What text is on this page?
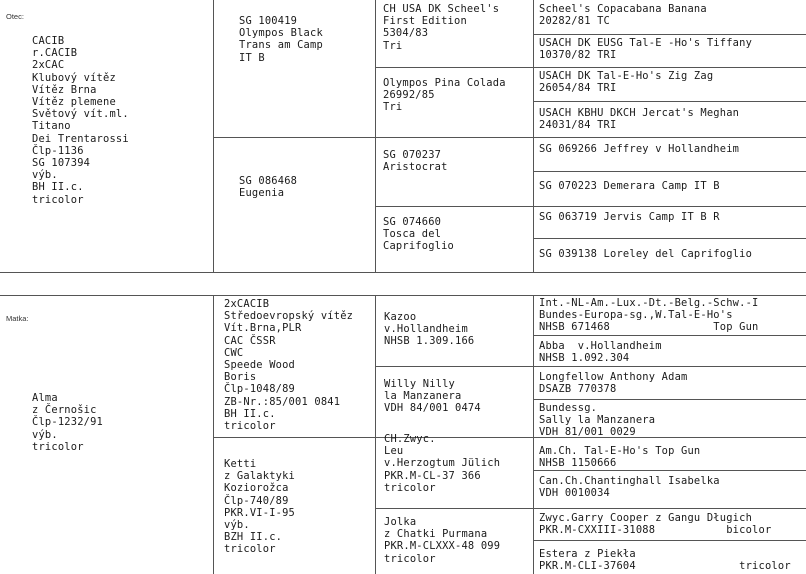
Otec:
CACIB
r.CACIB
2xCAC
Klubový vítěz
Vítěz Brna
Vítěz plemene
Světový vít.ml.
Titano
Dei Trentarossi
Člp-1136
SG 107394
výb.
BH II.c.
tricolor
SG 100419
Olympos Black
Trans am Camp
IT B
SG 086468
Eugenia
CH USA DK Scheel's
First Edition
5304/83
Tri
Olympos Pina Colada
26992/85
Tri
SG 070237
Aristocrat
SG 074660
Tosca del
Caprifoglio
Scheel's Copacabana Banana
20282/81 TC
USACH DK EUSG Tal-E -Ho's Tiffany
10370/82 TRI
USACH DK Tal-E-Ho's Zig Zag
26054/84 TRI
USACH KBHU DKCH Jercat's Meghan
24031/84 TRI
SG 069266 Jeffrey v Hollandheim
SG 070223 Demerara Camp IT B
SG 063719 Jervis Camp IT B R
SG 039138 Loreley del Caprifoglio
Matka:
Alma
z Černošic
Člp-1232/91
výb.
tricolor
2xCACIB
Středoevropský vítěz
Vít.Brna,PLR
CAC ČSSR
CWC
Speede Wood
Boris
Člp-1048/89
ZB-Nr.:85/001 0841
BH II.c.
tricolor
Ketti
z Galaktyki
Koziorožca
Člp-740/89
PKR.VI-I-95
výb.
BZH II.c.
tricolor
Kazoo
v.Hollandheim
NHSB 1.309.166
Willy Nilly
la Manzanera
VDH 84/001 0474
CH.Zwyc.
Leu
v.Herzogtum Jülich
PKR.M-CL-37 366
tricolor
Jolka
z Chatki Purmana
PKR.M-CLXXX-48 099
tricolor
Int.-NL-Am.-Lux.-Dt.-Belg.-Schw.-I
Bundes-Europa-sg.,W.Tal-E-Ho's
NHSB 671468                Top Gun
Abba  v.Hollandheim
NHSB 1.092.304
Longfellow Anthony Adam
DSAZB 770378
Bundessg.
Sally la Manzanera
VDH 81/001 0029
Am.Ch. Tal-E-Ho's Top Gun
NHSB 1150666
Can.Ch.Chantinghall Isabelka
VDH 0010034
Zwyc.Garry Cooper z Gangu Długich
PKR.M-CXXIII-31088           bicolor
Estera z Piekła
PKR.M-CLI-37604                tricolor
